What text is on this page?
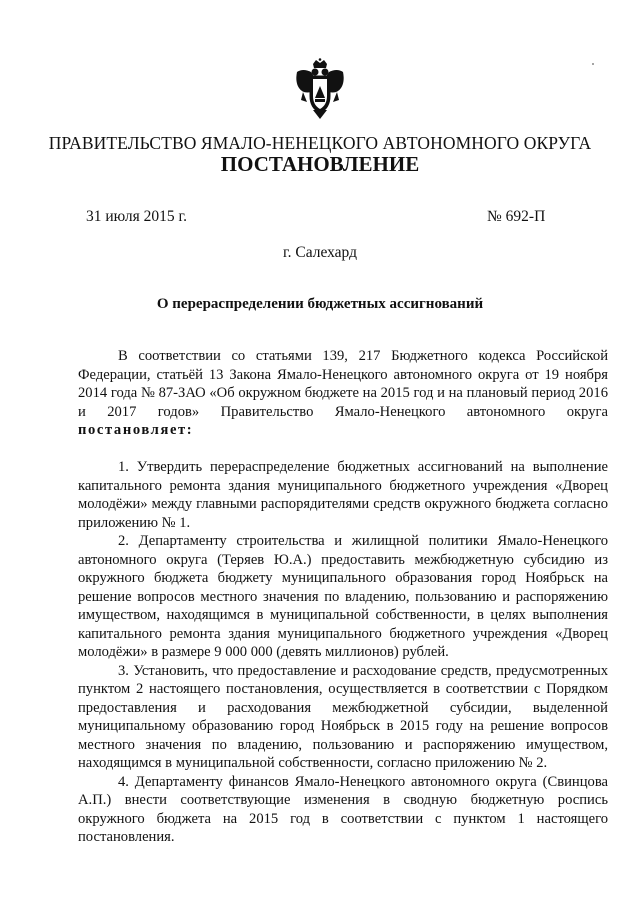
ПРАВИТЕЛЬСТВО ЯМАЛО-НЕНЕЦКОГО АВТОНОМНОГО ОКРУГА
ПОСТАНОВЛЕНИЕ
31 июля 2015 г.	№ 692-П
г. Салехард
О перераспределении бюджетных ассигнований

В соответствии со статьями 139, 217 Бюджетного кодекса Российской Федерации, статьёй 13 Закона Ямало-Ненецкого автономного округа от 19 ноября 2014 года № 87-ЗАО «Об окружном бюджете на 2015 год и на плановый период 2016 и 2017 годов» Правительство Ямало-Ненецкого автономного округа постановляет:

1. Утвердить перераспределение бюджетных ассигнований на выполнение капитального ремонта здания муниципального бюджетного учреждения «Дворец молодёжи» между главными распорядителями средств окружного бюджета согласно приложению № 1.

2. Департаменту строительства и жилищной политики Ямало-Ненецкого автономного округа (Теряев Ю.А.) предоставить межбюджетную субсидию из окружного бюджета бюджету муниципального образования город Ноябрьск на решение вопросов местного значения по владению, пользованию и распоряжению имуществом, находящимся в муниципальной собственности, в целях выполнения капитального ремонта здания муниципального бюджетного учреждения «Дворец молодёжи» в размере 9 000 000 (девять миллионов) рублей.

3. Установить, что предоставление и расходование средств, предусмотренных пунктом 2 настоящего постановления, осуществляется в соответствии с Порядком предоставления и расходования межбюджетной субсидии, выделенной муниципальному образованию город Ноябрьск в 2015 году на решение вопросов местного значения по владению, пользованию и распоряжению имуществом, находящимся в муниципальной собственности, согласно приложению № 2.

4. Департаменту финансов Ямало-Ненецкого автономного округа (Свинцова А.П.) внести соответствующие изменения в сводную бюджетную роспись окружного бюджета на 2015 год в соответствии с пунктом 1 настоящего постановления.
